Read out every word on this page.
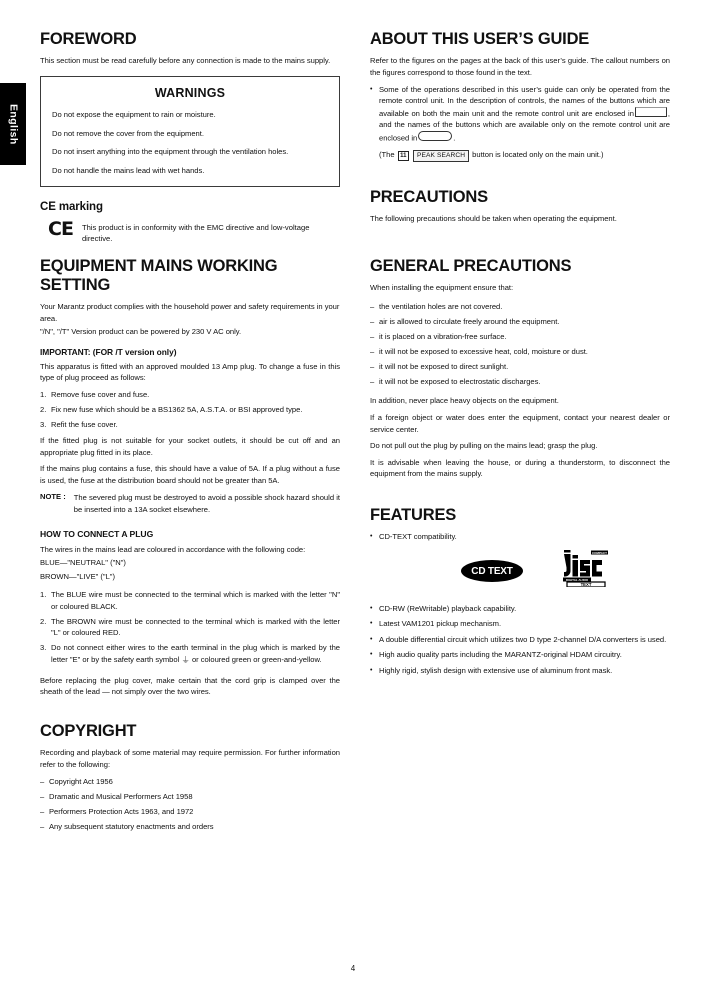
English
FOREWORD

This section must be read carefully before any connection is made to the mains supply.

WARNINGS

Do not expose the equipment to rain or moisture.

Do not remove the cover from the equipment.

Do not insert anything into the equipment through the ventilation holes.

Do not handle the mains lead with wet hands.

CE marking
CE This product is in conformity with the EMC directive and low-voltage directive.
EQUIPMENT MAINS WORKING SETTING

Your Marantz product complies with the household power and safety requirements in your area.

"/N", "/T" Version product can be powered by 230 V AC only.

IMPORTANT: (FOR /T version only)

This apparatus is fitted with an approved moulded 13 Amp plug. To change a fuse in this type of plug proceed as follows:

1. Remove fuse cover and fuse.
2. Fix new fuse which should be a BS1362 5A, A.S.T.A. or BSI approved type.
3. Refit the fuse cover.

If the fitted plug is not suitable for your socket outlets, it should be cut off and an appropriate plug fitted in its place.

If the mains plug contains a fuse, this should have a value of 5A. If a plug without a fuse is used, the fuse at the distribution board should not be greater than 5A.

NOTE :	The severed plug must be destroyed to avoid a possible shock hazard should it be inserted into a 13A socket elsewhere.
HOW TO CONNECT A PLUG

The wires in the mains lead are coloured in accordance with the following code:

BLUE—"NEUTRAL" ("N")

BROWN—"LIVE" ("L")

1. The BLUE wire must be connected to the terminal which is marked with the letter "N" or coloured BLACK.
2. The BROWN wire must be connected to the terminal which is marked with the letter "L" or coloured RED.
3. Do not connect either wires to the earth terminal in the plug which is marked by the letter "E" or by the safety earth symbol ⏚ or coloured green or green-and-yellow.

Before replacing the plug cover, make certain that the cord grip is clamped over the sheath of the lead — not simply over the two wires.

COPYRIGHT

Recording and playback of some material may require permission. For further information refer to the following:

– Copyright Act 1956
– Dramatic and Musical Performers Act 1958
– Performers Protection Acts 1963, and 1972
– Any subsequent statutory enactments and orders
ABOUT THIS USER’S GUIDE

Refer to the figures on the pages at the back of this user’s guide. The callout numbers on the figures correspond to those found in the text.

• Some of the operations described in this user’s guide can only be operated from the remote control unit. In the description of controls, the names of the buttons which are available on both the main unit and the remote control unit are enclosed in	, and the names of the buttons which are available only on the remote control unit are enclosed in	.

(The 11 PEAK SEARCH button is located only on the main unit.)

PRECAUTIONS

The following precautions should be taken when operating the equipment.

GENERAL PRECAUTIONS

When installing the equipment ensure that:

– the ventilation holes are not covered.
– air is allowed to circulate freely around the equipment.
– it is placed on a vibration-free surface.
– it will not be exposed to excessive heat, cold, moisture or dust.
– it will not be exposed to direct sunlight.
– it will not be exposed to electrostatic discharges.

In addition, never place heavy objects on the equipment.

If a foreign object or water does enter the equipment, contact your nearest dealer or service center.

Do not pull out the plug by pulling on the mains lead; grasp the plug.

It is advisable when leaving the house, or during a thunderstorm, to disconnect the equipment from the mains supply.

FEATURES
• CD-TEXT compatibility.
CD TEXT
COMPACT
DIGITAL AUDIO
TEXT
• CD-RW (ReWritable) playback capability.
• Latest VAM1201 pickup mechanism.
• A double differential circuit which utilizes two D type 2-channel D/A converters is used.
• High audio quality parts including the MARANTZ-original HDAM circuitry.
• Highly rigid, stylish design with extensive use of aluminum front mask.
4
